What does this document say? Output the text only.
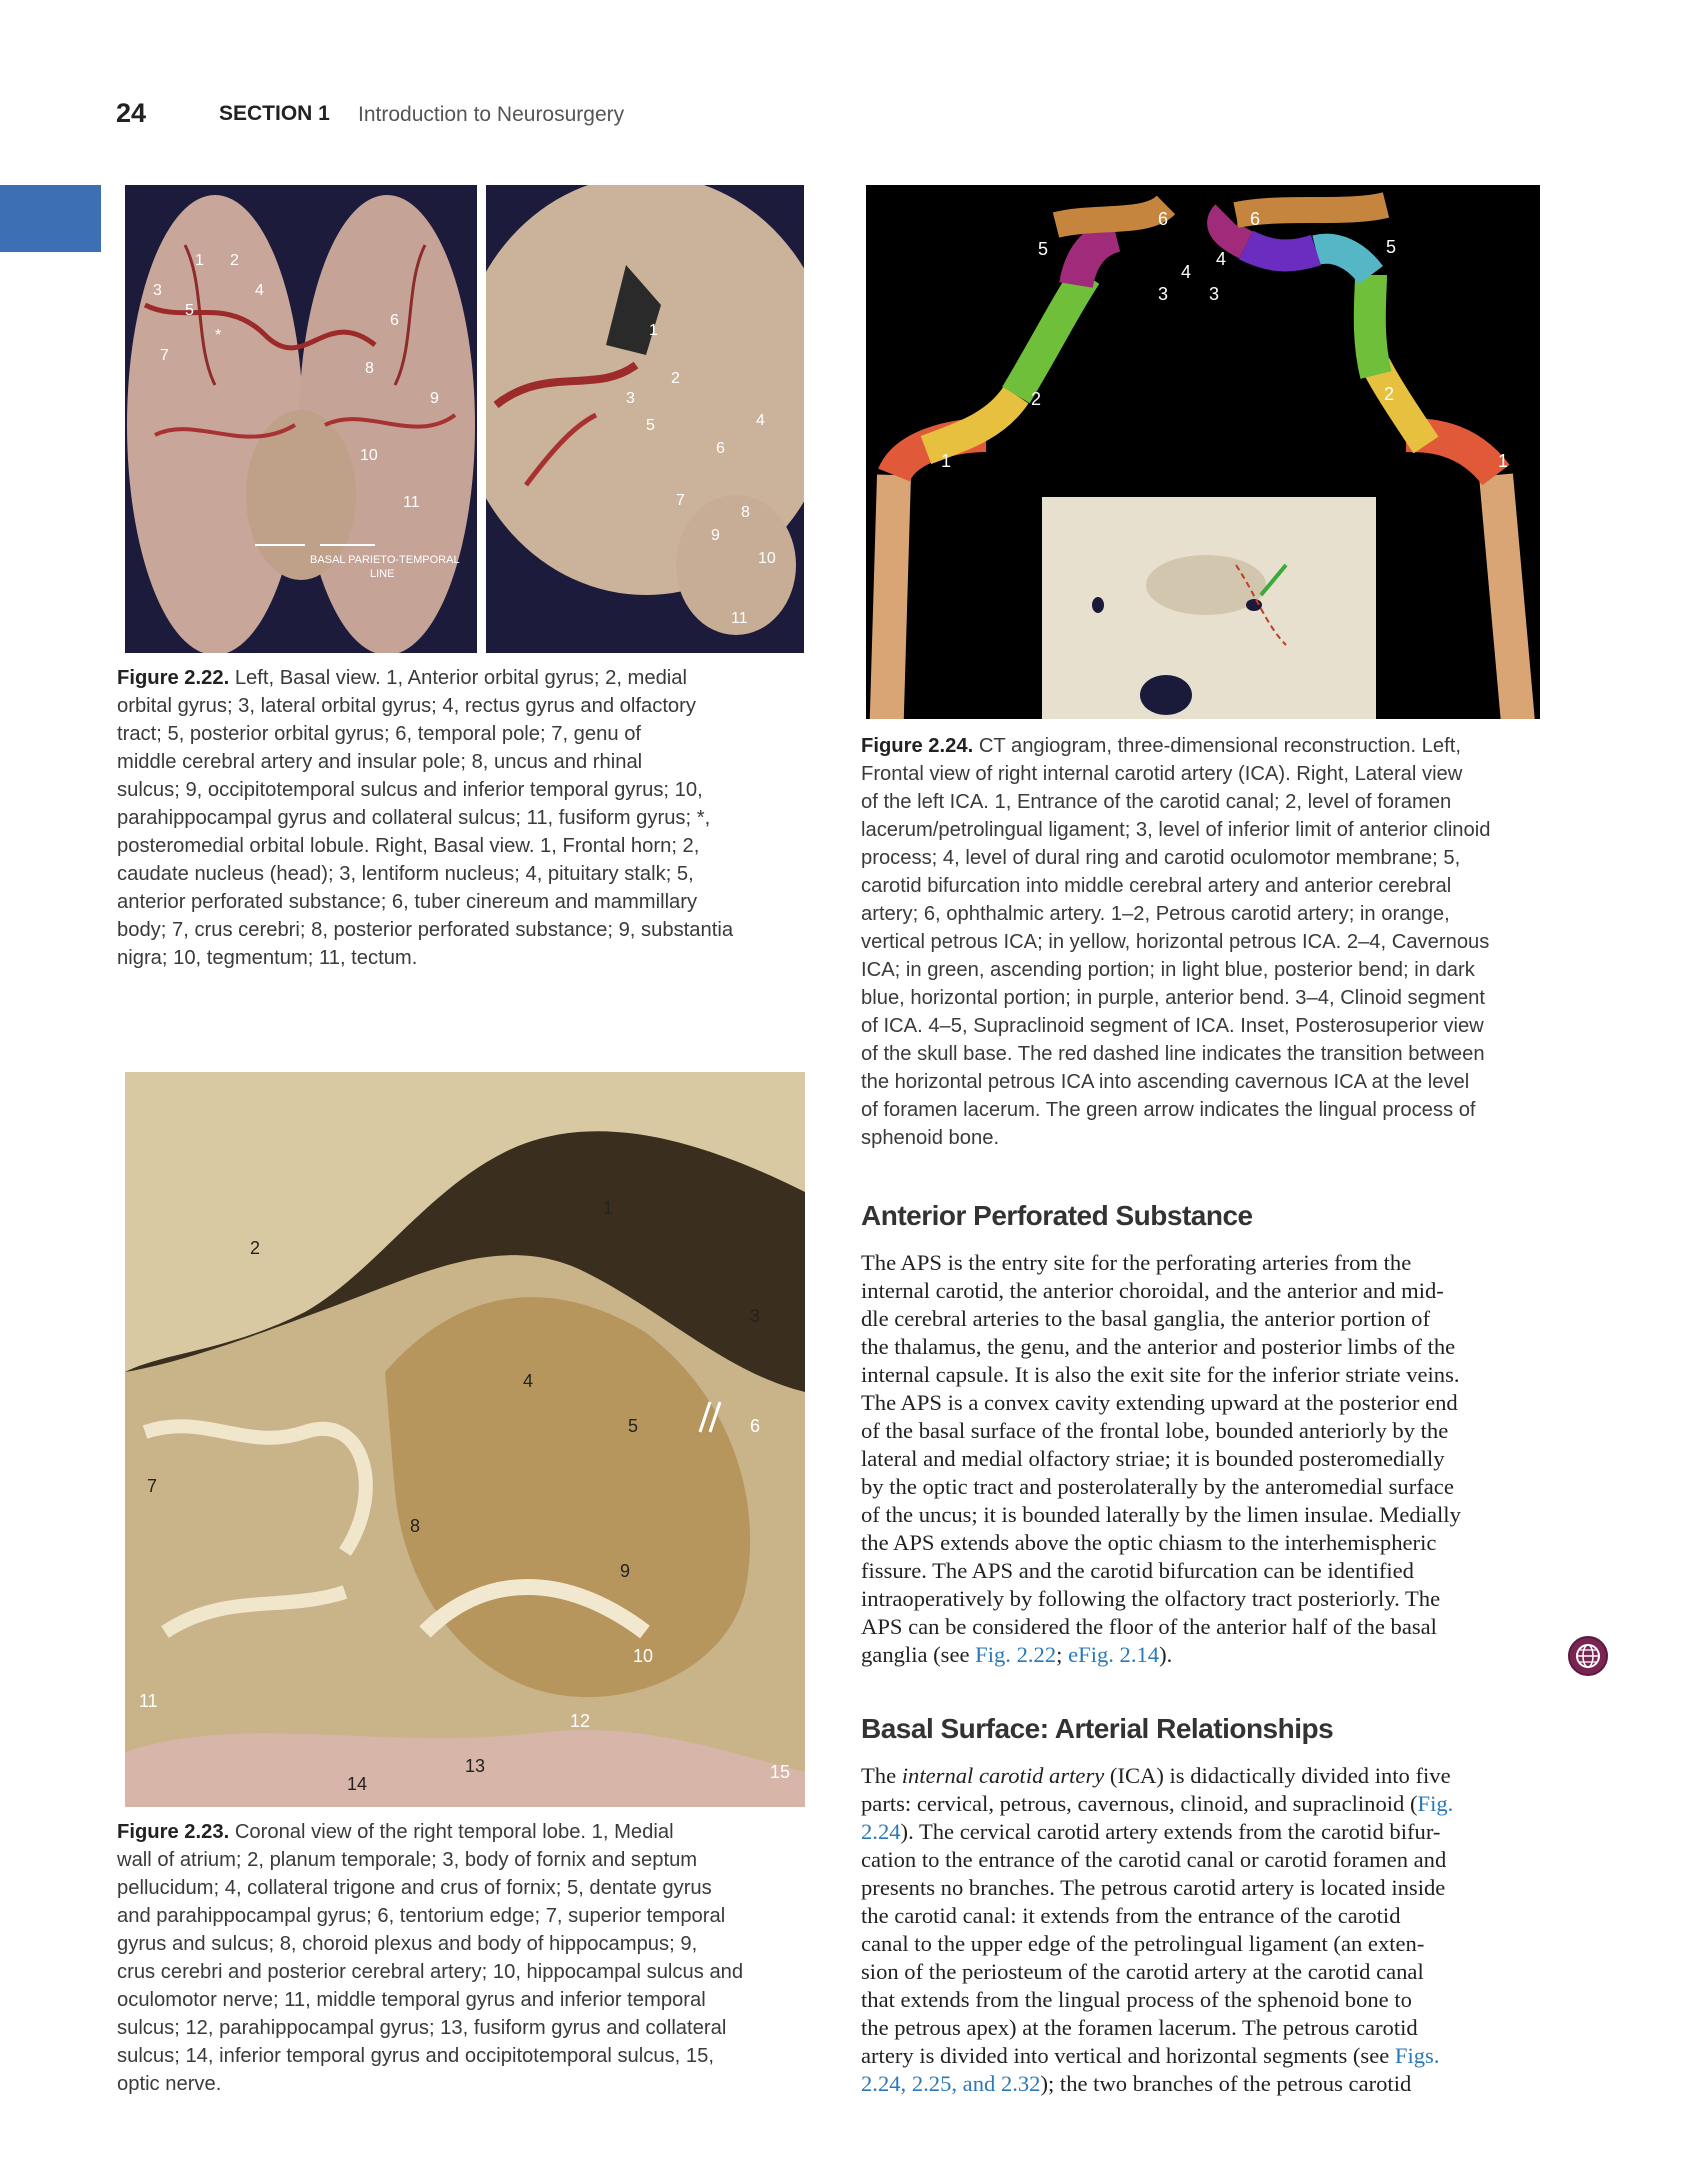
24	SECTION 1 Introduction to Neurosurgery
1 2
3	4
5
6
7
8
9
10
11
*
BASAL PARIETO-TEMPORAL
LINE
1
2
3
4
5
6
7
8
9
10
11
Figure 2.22. Left, Basal view. 1, Anterior orbital gyrus; 2, medial
orbital gyrus; 3, lateral orbital gyrus; 4, rectus gyrus and olfactory
tract; 5, posterior orbital gyrus; 6, temporal pole; 7, genu of
middle cerebral artery and insular pole; 8, uncus and rhinal
sulcus; 9, occipitotemporal sulcus and inferior temporal gyrus; 10,
parahippocampal gyrus and collateral sulcus; 11, fusiform gyrus; *,
posteromedial orbital lobule. Right, Basal view. 1, Frontal horn; 2,
caudate nucleus (head); 3, lentiform nucleus; 4, pituitary stalk; 5,
anterior perforated substance; 6, tuber cinereum and mammillary
body; 7, crus cerebri; 8, posterior perforated substance; 9, substantia
nigra; 10, tegmentum; 11, tectum.
6	6
5
4
3
4
3
5
2	2
1	1
Figure 2.24. CT angiogram, three-dimensional reconstruction. Left,
Frontal view of right internal carotid artery (ICA). Right, Lateral view
of the left ICA. 1, Entrance of the carotid canal; 2, level of foramen
lacerum/petrolingual ligament; 3, level of inferior limit of anterior clinoid
process; 4, level of dural ring and carotid oculomotor membrane; 5,
carotid bifurcation into middle cerebral artery and anterior cerebral
artery; 6, ophthalmic artery. 1–2, Petrous carotid artery; in orange,
vertical petrous ICA; in yellow, horizontal petrous ICA. 2–4, Cavernous
ICA; in green, ascending portion; in light blue, posterior bend; in dark
blue, horizontal portion; in purple, anterior bend. 3–4, Clinoid segment
of ICA. 4–5, Supraclinoid segment of ICA. Inset, Posterosuperior view
of the skull base. The red dashed line indicates the transition between
the horizontal petrous ICA into ascending cavernous ICA at the level
of foramen lacerum. The green arrow indicates the lingual process of
sphenoid bone.
1
2
3
4
5	6
7
8
9
10
11
12
13
14
15
Figure 2.23. Coronal view of the right temporal lobe. 1, Medial
wall of atrium; 2, planum temporale; 3, body of fornix and septum
pellucidum; 4, collateral trigone and crus of fornix; 5, dentate gyrus
and parahippocampal gyrus; 6, tentorium edge; 7, superior temporal
gyrus and sulcus; 8, choroid plexus and body of hippocampus; 9,
crus cerebri and posterior cerebral artery; 10, hippocampal sulcus and
oculomotor nerve; 11, middle temporal gyrus and inferior temporal
sulcus; 12, parahippocampal gyrus; 13, fusiform gyrus and collateral
sulcus; 14, inferior temporal gyrus and occipitotemporal sulcus, 15,
optic nerve.
Anterior Perforated Substance
The APS is the entry site for the perforating arteries from the
internal carotid, the anterior choroidal, and the anterior and mid-
dle cerebral arteries to the basal ganglia, the anterior portion of
the thalamus, the genu, and the anterior and posterior limbs of the
internal capsule. It is also the exit site for the inferior striate veins.
The APS is a convex cavity extending upward at the posterior end
of the basal surface of the frontal lobe, bounded anteriorly by the
lateral and medial olfactory striae; it is bounded posteromedially
by the optic tract and posterolaterally by the anteromedial surface
of the uncus; it is bounded laterally by the limen insulae. Medially
the APS extends above the optic chiasm to the interhemispheric
fissure. The APS and the carotid bifurcation can be identified
intraoperatively by following the olfactory tract posteriorly. The
APS can be considered the floor of the anterior half of the basal
ganglia (see Fig. 2.22; eFig. 2.14).
Basal Surface: Arterial Relationships
The internal carotid artery (ICA) is didactically divided into five
parts: cervical, petrous, cavernous, clinoid, and supraclinoid (Fig.
2.24). The cervical carotid artery extends from the carotid bifur-
cation to the entrance of the carotid canal or carotid foramen and
presents no branches. The petrous carotid artery is located inside
the carotid canal: it extends from the entrance of the carotid
canal to the upper edge of the petrolingual ligament (an exten-
sion of the periosteum of the carotid artery at the carotid canal
that extends from the lingual process of the sphenoid bone to
the petrous apex) at the foramen lacerum. The petrous carotid
artery is divided into vertical and horizontal segments (see Figs.
2.24, 2.25, and 2.32); the two branches of the petrous carotid
